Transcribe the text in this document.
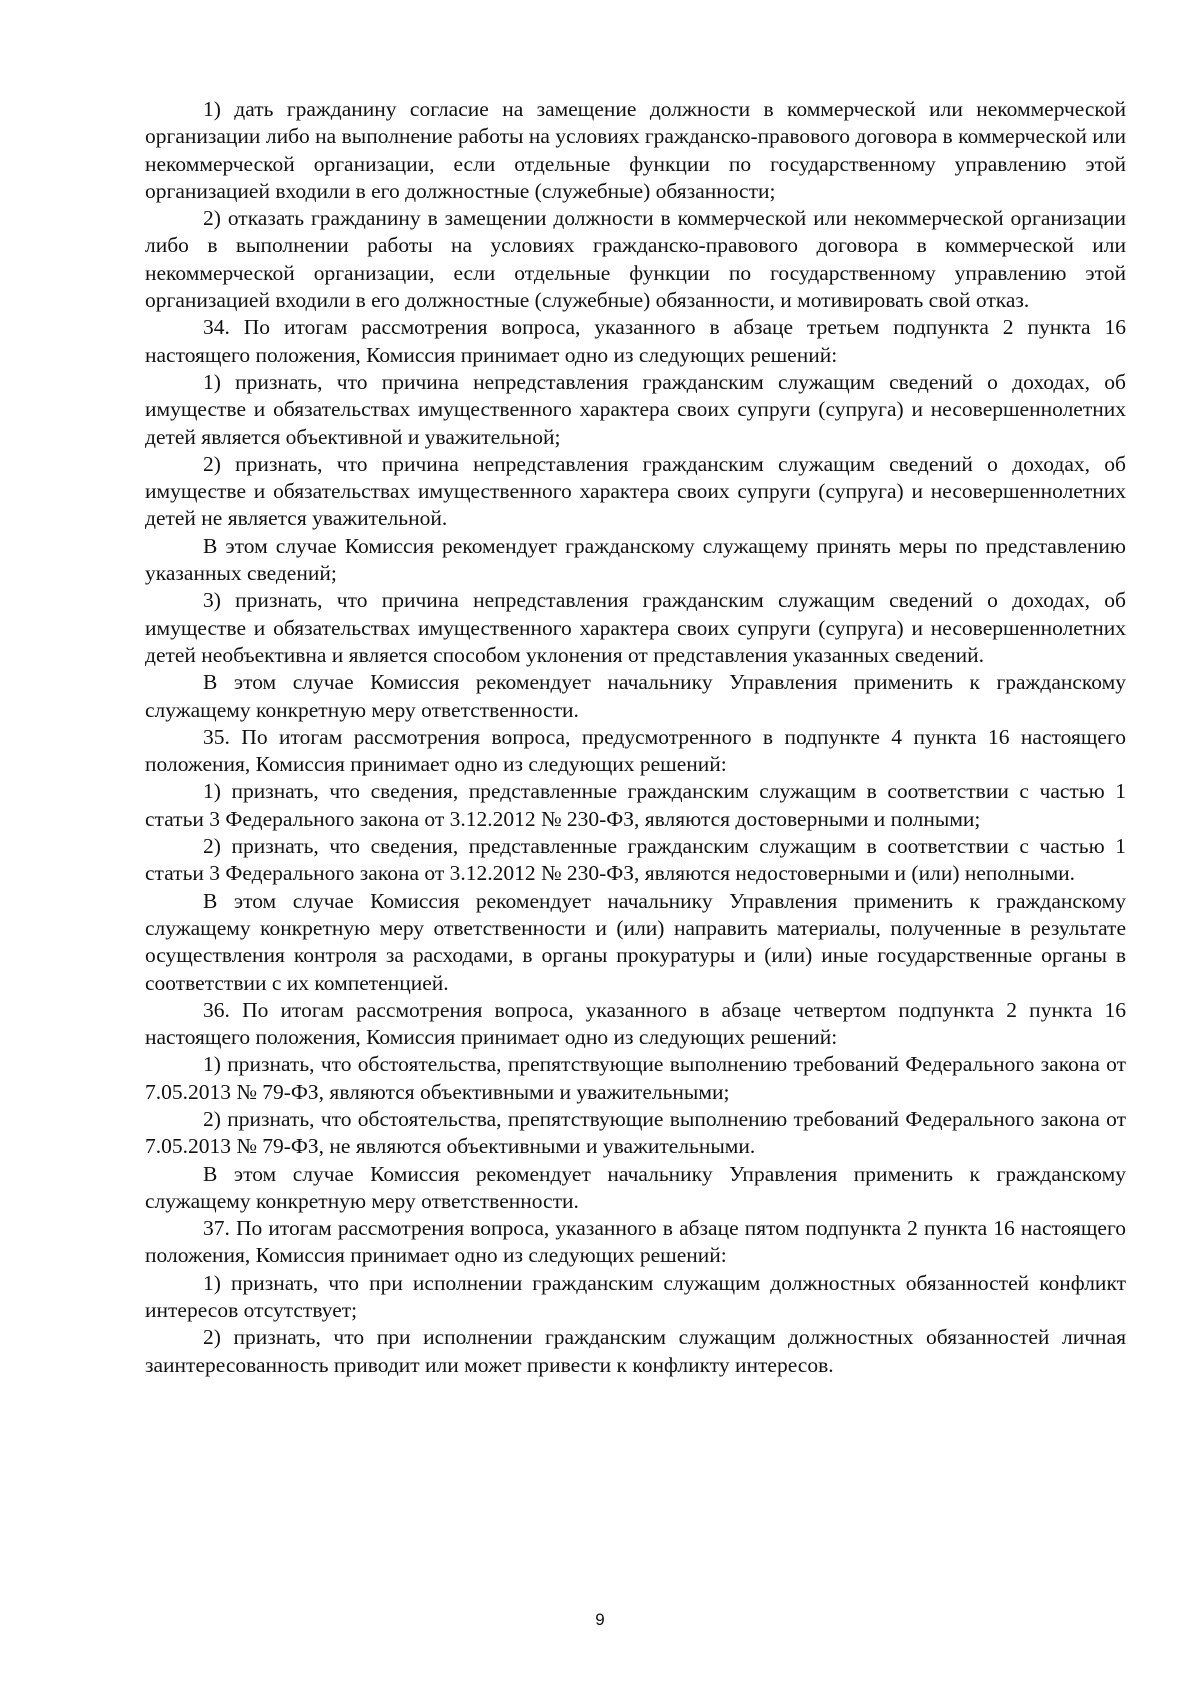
1) дать гражданину согласие на замещение должности в коммерческой или некоммерческой организации либо на выполнение работы на условиях гражданско-правового договора в коммерческой или некоммерческой организации, если отдельные функции по государственному управлению этой организацией входили в его должностные (служебные) обязанности;

2) отказать гражданину в замещении должности в коммерческой или некоммерческой организации либо в выполнении работы на условиях гражданско-правового договора в коммерческой или некоммерческой организации, если отдельные функции по государственному управлению этой организацией входили в его должностные (служебные) обязанности, и мотивировать свой отказ.

34. По итогам рассмотрения вопроса, указанного в абзаце третьем подпункта 2 пункта 16 настоящего положения, Комиссия принимает одно из следующих решений:

1) признать, что причина непредставления гражданским служащим сведений о доходах, об имуществе и обязательствах имущественного характера своих супруги (супруга) и несовершеннолетних детей является объективной и уважительной;

2) признать, что причина непредставления гражданским служащим сведений о доходах, об имуществе и обязательствах имущественного характера своих супруги (супруга) и несовершеннолетних детей не является уважительной.

В этом случае Комиссия рекомендует гражданскому служащему принять меры по представлению указанных сведений;

3) признать, что причина непредставления гражданским служащим сведений о доходах, об имуществе и обязательствах имущественного характера своих супруги (супруга) и несовершеннолетних детей необъективна и является способом уклонения от представления указанных сведений.

В этом случае Комиссия рекомендует начальнику Управления применить к гражданскому служащему конкретную меру ответственности.

35. По итогам рассмотрения вопроса, предусмотренного в подпункте 4 пункта 16 настоящего положения, Комиссия принимает одно из следующих решений:

1) признать, что сведения, представленные гражданским служащим в соответствии с частью 1 статьи 3 Федерального закона от 3.12.2012 № 230-ФЗ, являются достоверными и полными;

2) признать, что сведения, представленные гражданским служащим в соответствии с частью 1 статьи 3 Федерального закона от 3.12.2012 № 230-ФЗ, являются недостоверными и (или) неполными.

В этом случае Комиссия рекомендует начальнику Управления применить к гражданскому служащему конкретную меру ответственности и (или) направить материалы, полученные в результате осуществления контроля за расходами, в органы прокуратуры и (или) иные государственные органы в соответствии с их компетенцией.

36. По итогам рассмотрения вопроса, указанного в абзаце четвертом подпункта 2 пункта 16 настоящего положения, Комиссия принимает одно из следующих решений:

1) признать, что обстоятельства, препятствующие выполнению требований Федерального закона от 7.05.2013 № 79-ФЗ, являются объективными и уважительными;

2) признать, что обстоятельства, препятствующие выполнению требований Федерального закона от 7.05.2013 № 79-ФЗ, не являются объективными и уважительными.

В этом случае Комиссия рекомендует начальнику Управления применить к гражданскому служащему конкретную меру ответственности.

37. По итогам рассмотрения вопроса, указанного в абзаце пятом подпункта 2 пункта 16 настоящего положения, Комиссия принимает одно из следующих решений:

1) признать, что при исполнении гражданским служащим должностных обязанностей конфликт интересов отсутствует;

2) признать, что при исполнении гражданским служащим должностных обязанностей личная заинтересованность приводит или может привести к конфликту интересов.

9
